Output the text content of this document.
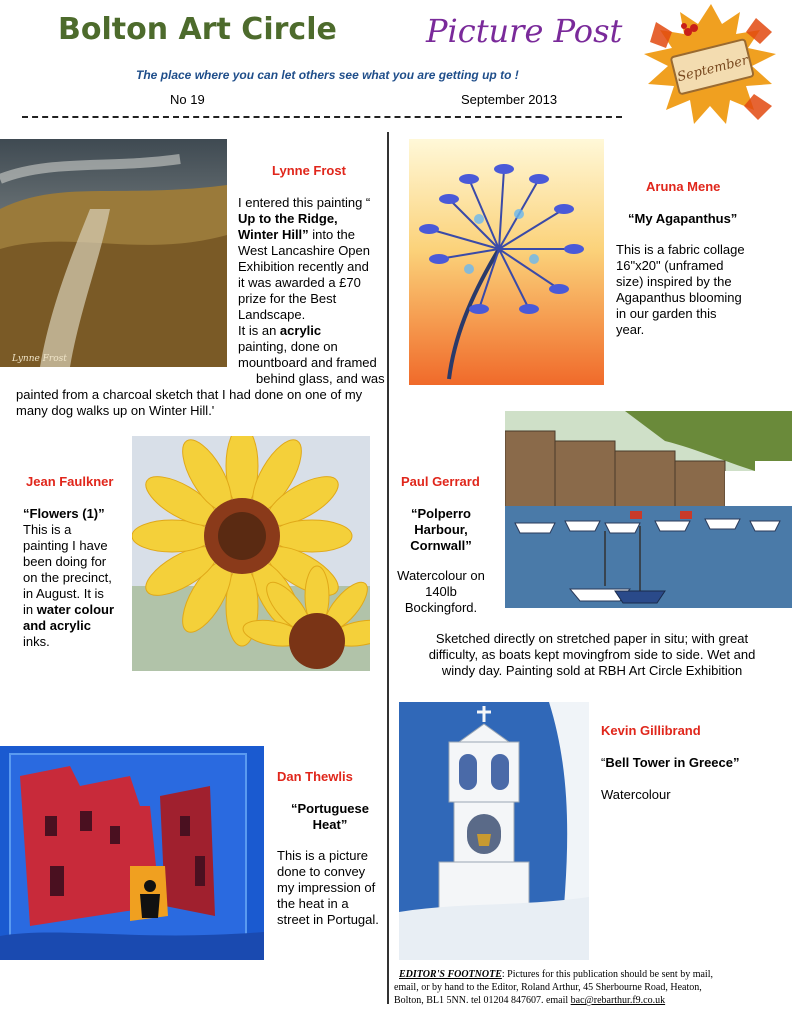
Bolton Art Circle	Picture Post
The place where you can let others see what you are getting up to !
No 19	September 2013
September
Lynne Frost
Lynne Frost
I entered this painting “
Up to the Ridge,
Winter Hill” into the
West Lancashire Open
Exhibition recently and
it was awarded a £70
prize for the Best
Landscape.
It is an acrylic
painting, done on
mountboard and framed
behind glass, and was
painted from a charcoal sketch that I had done on one of my
many dog walks up on Winter Hill.'
Aruna Mene
“My Agapanthus”
This is a fabric collage
16"x20" (unframed
size) inspired by the
Agapanthus blooming
in our garden this
year.
Jean Faulkner
“Flowers (1)”
This is a
painting I have
been doing for
on the precinct,
in August. It is
in water colour
and acrylic
inks.
Paul Gerrard
“Polperro
Harbour,
Cornwall”
Watercolour on
140lb
Bockingford.
Sketched directly on stretched paper in situ; with great
difficulty, as boats kept movingfrom side to side. Wet and
windy day. Painting sold at RBH Art Circle Exhibition
Dan Thewlis
“Portuguese
Heat”
This is a picture
done to convey
my impression of
the heat in a
street in Portugal.
Kevin Gillibrand
“Bell Tower in Greece”
Watercolour
EDITOR'S FOOTNOTE: Pictures for this publication should be sent by mail,
email, or by hand to the Editor, Roland Arthur, 45 Sherbourne Road, Heaton,
Bolton, BL1 5NN. tel 01204 847607. email bac@rebarthur.f9.co.uk
